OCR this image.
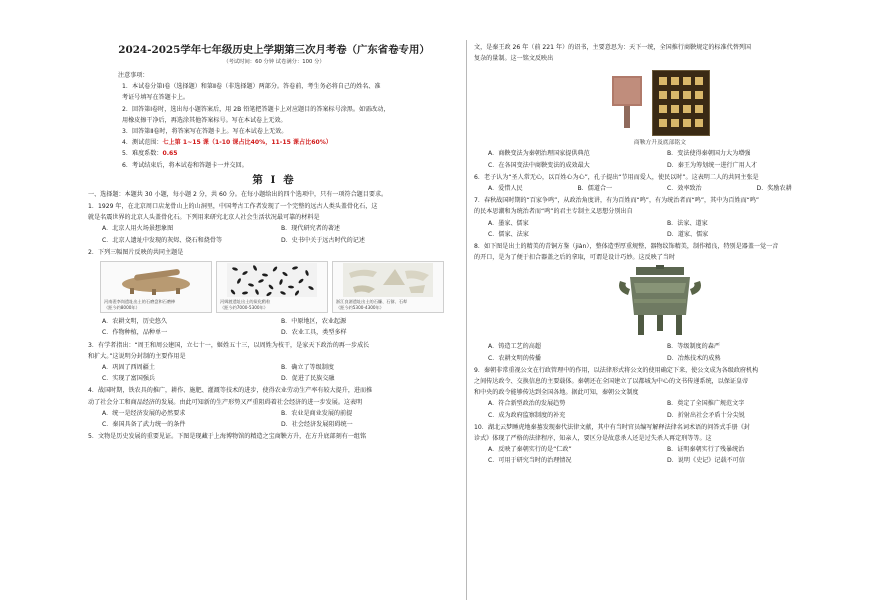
2024-2025学年七年级历史上学期第三次月考卷（广东省卷专用）
（考试时间：60 分钟 试卷满分：100 分）
注意事项：
1．本试卷分第Ⅰ卷（选择题）和第Ⅱ卷（非选择题）两部分。答卷前，考生务必将自己的姓名、准
考证号填写在答题卡上。
2．回答第Ⅰ卷时，选出每小题答案后，用 2B 铅笔把答题卡上对应题目的答案标号涂黑。如需改动，
用橡皮擦干净后，再选涂其他答案标号。写在本试卷上无效。
3．回答第Ⅱ卷时，将答案写在答题卡上。写在本试卷上无效。
4．测试范围：七上第 1~15 课（1-10 课占比40%，11-15 课占比60%）
5．难度系数：0.65
6．考试结束后，将本试卷和答题卡一并交回。
第 Ⅰ 卷
一、选择题：本题共 30 小题，每小题 2 分，共 60 分。在每小题给出的四个选项中，只有一项符合题目要求。
1．1929 年，在北京周口店龙骨山上的山洞里，中国考古工作者发现了一个完整的远古人类头盖骨化石，这
就是名震世界的北京人头盖骨化石。下列用来研究北京人社会生活状况最可靠的材料是
A．北京人用火场景想象图	B．现代研究者的著述
C．北京人遗址中发现的灰烬、烧石和烧骨等	D．史书中关于远古时代的记述
2．下列三幅图片反映的共同主题是
河南裴李岗遗址出土的石磨盘和石磨棒
（距今约8000年）
河姆渡遗址出土的炭化稻粒
（距今约7000-5300年）
浙江良渚遗址出土的石镰、石锛、石犁
（距今约5300-4300年）
A．农耕文明，历史悠久	B．中原地区，农业起源
C．作物种植，品种单一	D．农业工具，类型多样
3．有学者指出：“周王和周公建国，立七十一，姬姓五十三，以周姓为枝干，是家天下政治的再一步成长
和扩大。”这说明分封制的主要作用是
A．巩固了西周疆土	B．确立了等级制度
C．实现了富国强兵	D．促进了民族交融
4．战国时期，铁农具的推广，耕作、施肥、灌溉等技术的进步，使得农业劳动生产率有较大提升，进而推
动了社会分工和商品经济的发展。由此可知新的生产形势又严重阻碍着社会经济的进一步发展。这表明
A．统一是经济发展的必然要求	B．农业是商业发展的前提
C．秦国具备了武力统一的条件	D．社会经济发展阻碍统一
5．文物是历史发展的重要见证。下图是现藏于上海博物馆的精造之宝商鞅方升，在方升底部刻有一组铭
文，是秦王政 26 年（前 221 年）的诏书，主要意思为：天下一统，全国推行商鞅规定的标准代替列国
复杂的量制。这一铭文反映出
商鞅方升及底部铭文
A．商鞅变法为秦朝治理国家提供典范	B．变法使得秦朝国力大为增强
C．在各国变法中商鞅变法的成效最大	D．秦王为筹划统一进行广用人才
6．老子认为“圣人常无心，以百姓心为心”，孔子提出“节用而爱人，使民以时”。这表明二人的共同主张是
A．爱惜人民	B．儒道合一	C．效率致治	D．奖励农耕
7．春秋战国时期的“百家争鸣”，从政治角度讲，有为百姓而“鸣”，有为统治者而“鸣”，其中为百姓而“鸣”
的民本思潮和为统治者而“鸣”的君主专制主义思想分别出自
A．墨家、儒家	B．法家、道家
C．儒家、法家	D．道家、儒家
8．如下图是出土的精美的青铜方鉴（jiàn），整体造型厚重规整，器物纹饰精美，制作精良，特别是器盖一觉一音
的开口，是为了便于扣合器盖之后的拿取，可谓是设计巧妙。这反映了当时
A．铸造工艺的高超	B．等级制度的森严
C．农耕文明的传播	D．冶炼技术的成熟
9．秦朝非常重视公文在行政管理中的作用，以法律形式将公文的使用确定下来，使公文成为各级政府机构
之间传达政令、交换信息的主要载体。秦朝还在全国建立了以都城为中心的文书传递系统，以保证皇帝
和中央的政令能够传达到全国各地。据此可知，秦朝公文制度
A．符合新型政治的发展趋势	B．奠定了全国推广规范文字
C．成为政府监察制度的补充	D．折射出社会矛盾十分尖锐
10．湖北云梦睡虎地秦墓发现秦代法律文献，其中有当时官员编写解释法律名词术语的问答式手册《封
诊式》体现了严格的法律程序，知亲人，要区分是故意杀人还是过失杀人再定刑等等。这
A．反映了秦朝实行的是“仁政”	B．证明秦朝实行了残暴统治
C．可用于研究当时的治理情况	D．说明《史记》记载不可信
